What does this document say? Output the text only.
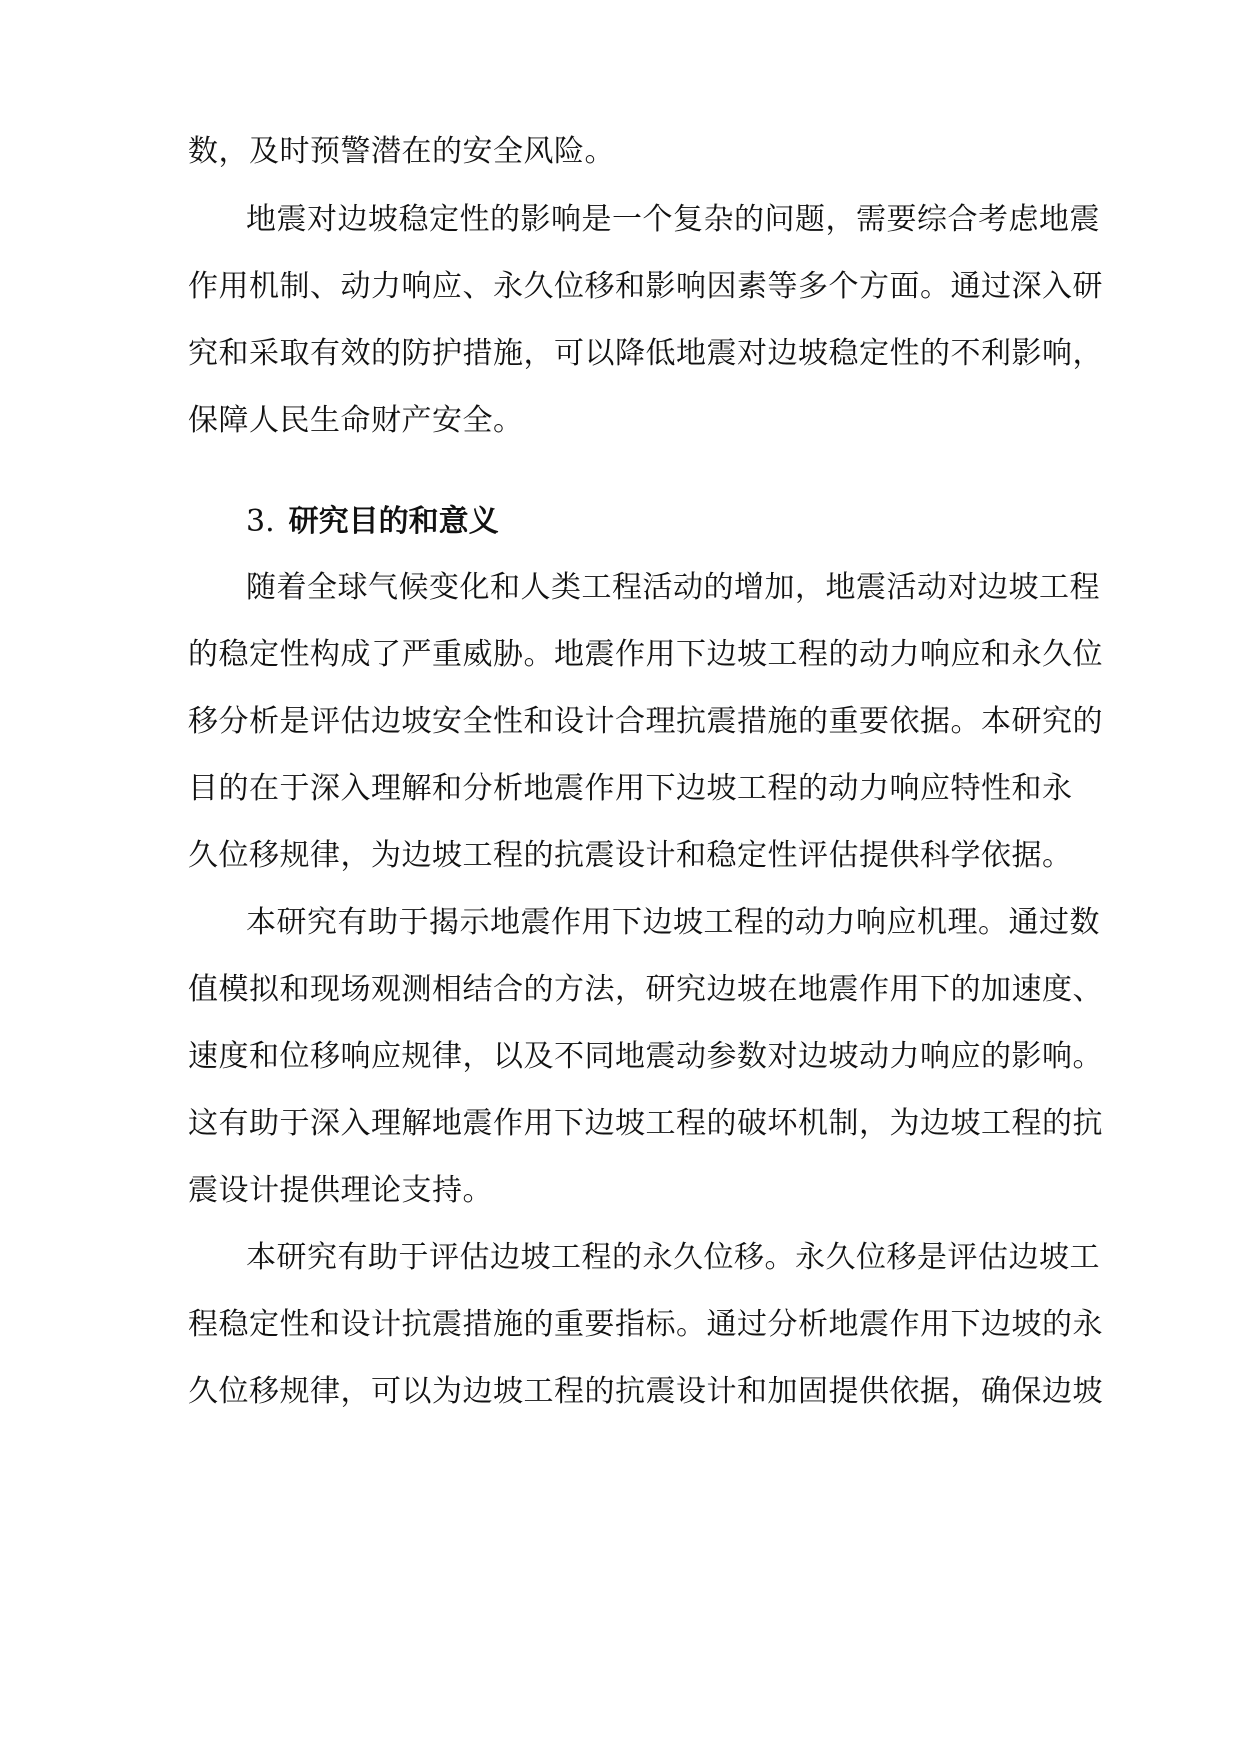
数，及时预警潜在的安全风险。
地震对边坡稳定性的影响是一个复杂的问题，需要综合考虑地震
作用机制、动力响应、永久位移和影响因素等多个方面。通过深入研
究和采取有效的防护措施，可以降低地震对边坡稳定性的不利影响，
保障人民生命财产安全。
3. 研究目的和意义
随着全球气候变化和人类工程活动的增加，地震活动对边坡工程
的稳定性构成了严重威胁。地震作用下边坡工程的动力响应和永久位
移分析是评估边坡安全性和设计合理抗震措施的重要依据。本研究的
目的在于深入理解和分析地震作用下边坡工程的动力响应特性和永
久位移规律，为边坡工程的抗震设计和稳定性评估提供科学依据。
本研究有助于揭示地震作用下边坡工程的动力响应机理。通过数
值模拟和现场观测相结合的方法，研究边坡在地震作用下的加速度、
速度和位移响应规律，以及不同地震动参数对边坡动力响应的影响。
这有助于深入理解地震作用下边坡工程的破坏机制，为边坡工程的抗
震设计提供理论支持。
本研究有助于评估边坡工程的永久位移。永久位移是评估边坡工
程稳定性和设计抗震措施的重要指标。通过分析地震作用下边坡的永
久位移规律，可以为边坡工程的抗震设计和加固提供依据，确保边坡
